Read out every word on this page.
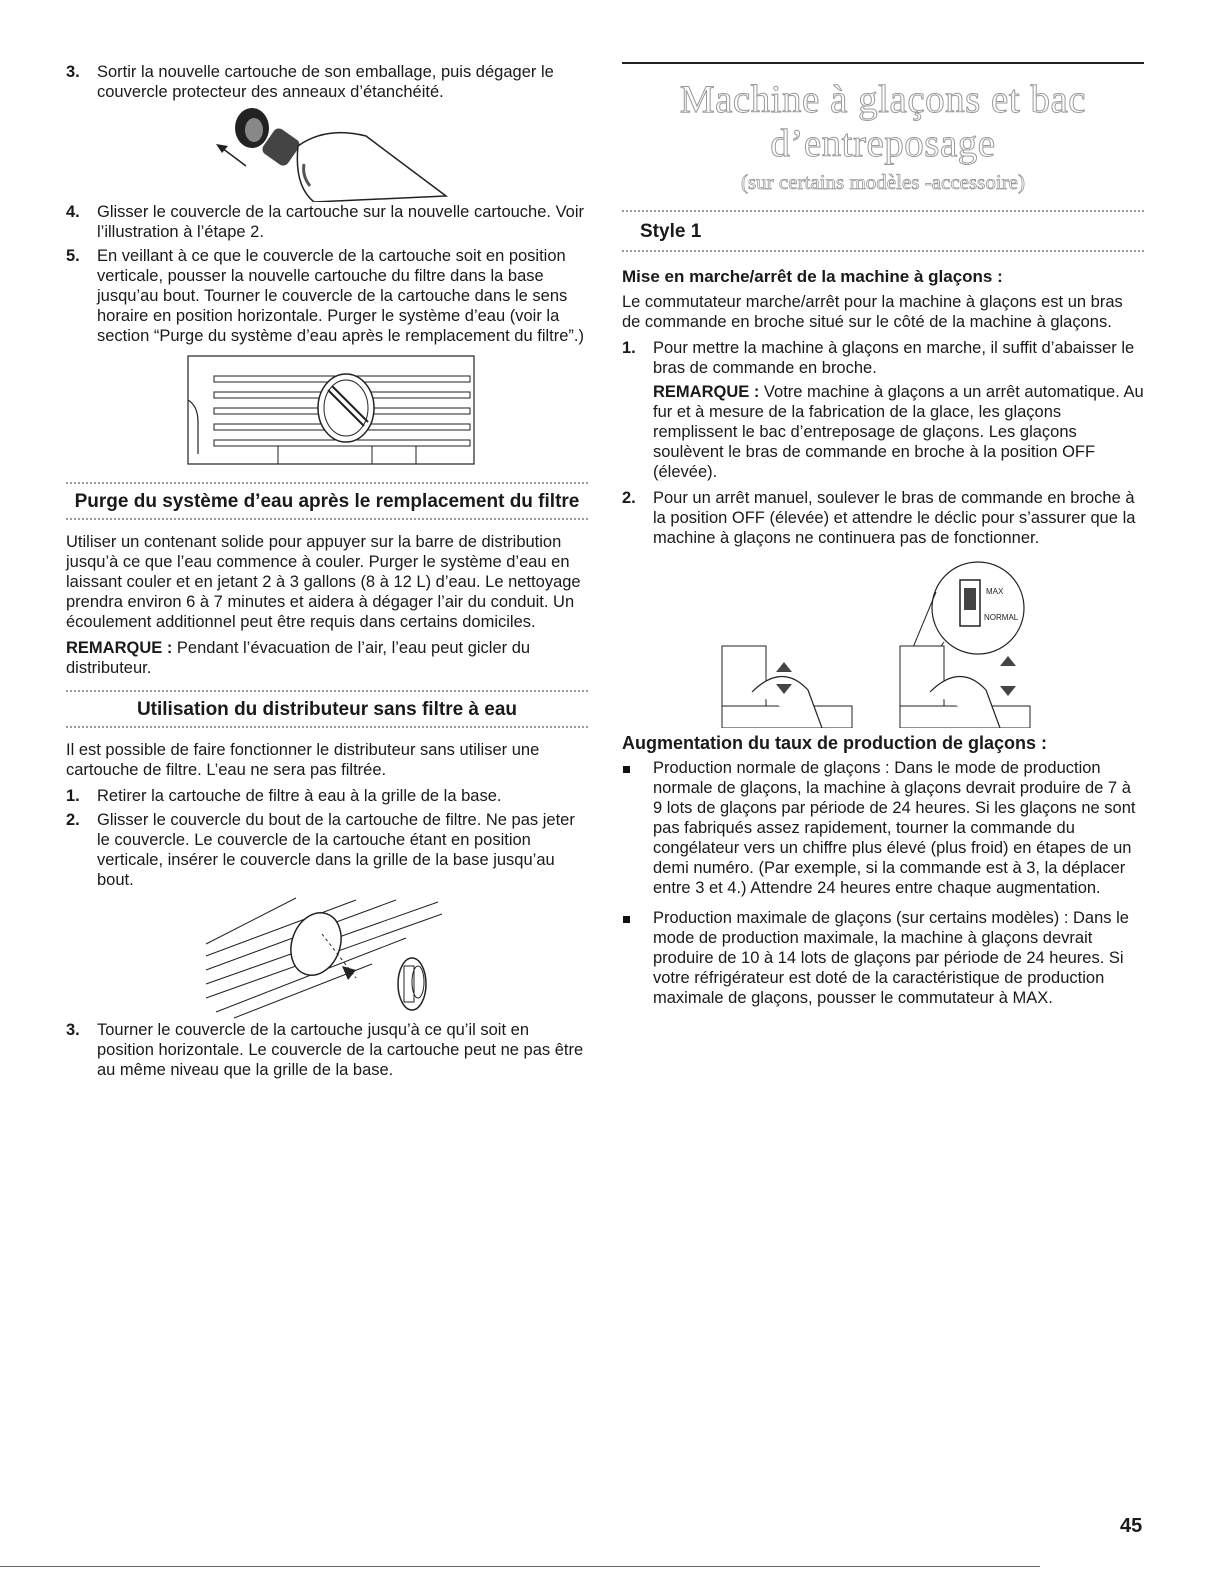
3.	Sortir la nouvelle cartouche de son emballage, puis dégager le couvercle protecteur des anneaux d’étanchéité.
4.	Glisser le couvercle de la cartouche sur la nouvelle cartouche. Voir l’illustration à l’étape 2.
5.	En veillant à ce que le couvercle de la cartouche soit en position verticale, pousser la nouvelle cartouche du filtre dans la base jusqu’au bout. Tourner le couvercle de la cartouche dans le sens horaire en position horizontale. Purger le système d’eau (voir la section “Purge du système d’eau après le remplacement du filtre”.)
Purge du système d’eau après le remplacement du filtre

Utiliser un contenant solide pour appuyer sur la barre de distribution jusqu’à ce que l’eau commence à couler. Purger le système d’eau en laissant couler et en jetant 2 à 3 gallons (8 à 12 L) d’eau. Le nettoyage prendra environ 6 à 7 minutes et aidera à dégager l’air du conduit. Un écoulement additionnel peut être requis dans certains domiciles.

REMARQUE : Pendant l’évacuation de l’air, l’eau peut gicler du distributeur.

Utilisation du distributeur sans filtre à eau

Il est possible de faire fonctionner le distributeur sans utiliser une cartouche de filtre. L’eau ne sera pas filtrée.

1.	Retirer la cartouche de filtre à eau à la grille de la base.
2.	Glisser le couvercle du bout de la cartouche de filtre. Ne pas jeter le couvercle. Le couvercle de la cartouche étant en position verticale, insérer le couvercle dans la grille de la base jusqu’au bout.
3.	Tourner le couvercle de la cartouche jusqu’à ce qu’il soit en position horizontale. Le couvercle de la cartouche peut ne pas être au même niveau que la grille de la base.
Machine à glaçons et bac d’entreposage
(sur certains modèles -accessoire)
Style 1
Mise en marche/arrêt de la machine à glaçons :

Le commutateur marche/arrêt pour la machine à glaçons est un bras de commande en broche situé sur le côté de la machine à glaçons.

1.	Pour mettre la machine à glaçons en marche, il suffit d’abaisser le bras de commande en broche.

REMARQUE : Votre machine à glaçons a un arrêt automatique. Au fur et à mesure de la fabrication de la glace, les glaçons remplissent le bac d’entreposage de glaçons. Les glaçons soulèvent le bras de commande en broche à la position OFF (élevée).

2.	Pour un arrêt manuel, soulever le bras de commande en broche à la position OFF (élevée) et attendre le déclic pour s’assurer que la machine à glaçons ne continuera pas de fonctionner.
MAX
NORMAL
Augmentation du taux de production de glaçons :
Production normale de glaçons : Dans le mode de production normale de glaçons, la machine à glaçons devrait produire de 7 à 9 lots de glaçons par période de 24 heures. Si les glaçons ne sont pas fabriqués assez rapidement, tourner la commande du congélateur vers un chiffre plus élevé (plus froid) en étapes de un demi numéro. (Par exemple, si la commande est à 3, la déplacer entre 3 et 4.) Attendre 24 heures entre chaque augmentation.
Production maximale de glaçons (sur certains modèles) : Dans le mode de production maximale, la machine à glaçons devrait produire de 10 à 14 lots de glaçons par période de 24 heures. Si votre réfrigérateur est doté de la caractéristique de production maximale de glaçons, pousser le commutateur à MAX.
45
